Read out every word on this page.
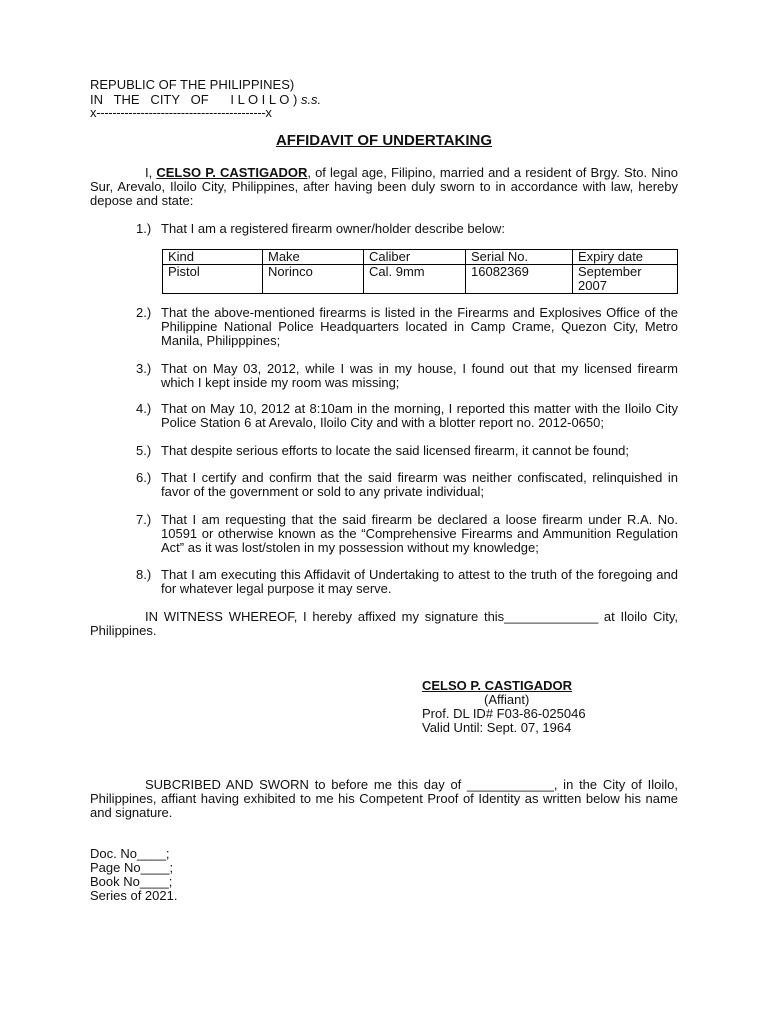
REPUBLIC OF THE PHILIPPINES)
IN   THE   CITY   OF      I L O I L O ) s.s.
x------------------------------------------x
AFFIDAVIT OF UNDERTAKING
I, CELSO P. CASTIGADOR, of legal age, Filipino, married and a resident of Brgy. Sto. Nino Sur, Arevalo, Iloilo City, Philippines, after having been duly sworn to in accordance with law, hereby depose and state:
1.) That I am a registered firearm owner/holder describe below:
Kind	Make	Caliber	Serial No.	Expiry date
Pistol	Norinco	Cal. 9mm	16082369	September 2007
2.) That the above-mentioned firearms is listed in the Firearms and Explosives Office of the Philippine National Police Headquarters located in Camp Crame, Quezon City, Metro Manila, Philipppines;
3.) That on May 03, 2012, while I was in my house, I found out that my licensed firearm which I kept inside my room was missing;
4.) That on May 10, 2012 at 8:10am in the morning, I reported this matter with the Iloilo City Police Station 6 at Arevalo, Iloilo City and with a blotter report no. 2012-0650;
5.) That despite serious efforts to locate the said licensed firearm, it cannot be found;
6.) That I certify and confirm that the said firearm was neither confiscated, relinquished in favor of the government or sold to any private individual;
7.) That I am requesting that the said firearm be declared a loose firearm under R.A. No. 10591 or otherwise known as the “Comprehensive Firearms and Ammunition Regulation Act” as it was lost/stolen in my possession without my knowledge;
8.) That I am executing this Affidavit of Undertaking to attest to the truth of the foregoing and for whatever legal purpose it may serve.
IN WITNESS WHEREOF, I hereby affixed my signature this_____________ at Iloilo City, Philippines.
CELSO P. CASTIGADOR
(Affiant)
Prof. DL ID# F03-86-025046
Valid Until: Sept. 07, 1964
SUBCRIBED AND SWORN to before me this day of ____________, in the City of Iloilo, Philippines, affiant having exhibited to me his Competent Proof of Identity as written below his name and signature.
Doc. No____;
Page No____;
Book No____;
Series of 2021.
